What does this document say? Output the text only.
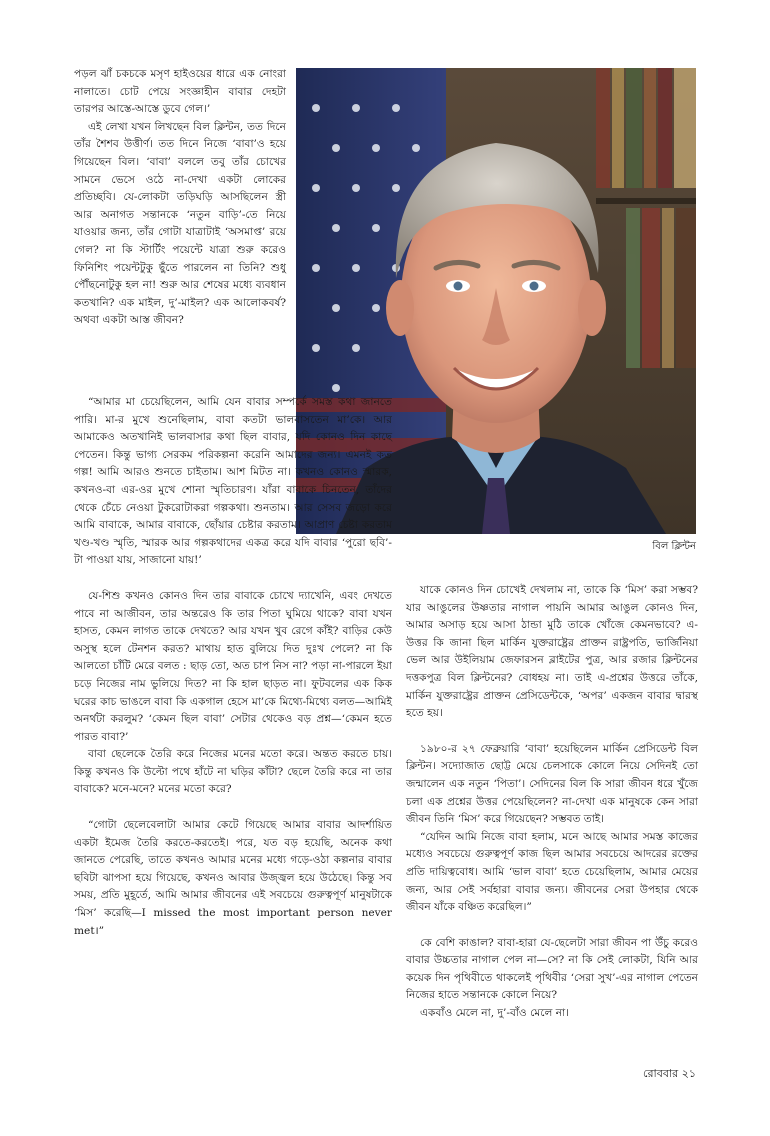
পড়ল ঝাঁ চকচকে মসৃণ হাইওয়ের ধারে এক নোংরা নালাতে। চোট পেয়ে সংজ্ঞাহীন বাবার দেহটা তারপর আস্তে-আস্তে ডুবে গেল।’

এই লেখা যখন লিখছেন বিল ক্লিন্টন, তত দিনে তাঁর শৈশব উত্তীর্ণ। তত দিনে নিজে ‘বাবা’ও হয়ে গিয়েছেন বিল। ‘বাবা’ বললে তবু তাঁর চোখের সামনে ভেসে ওঠে না-দেখা একটা লোকের প্রতিচ্ছবি। যে-লোকটা তড়িঘড়ি আসছিলেন স্ত্রী আর অনাগত সন্তানকে ‘নতুন বাড়ি’-তে নিয়ে যাওয়ার জন্য, তাঁর গোটা যাত্রাটাই ‘অসমাপ্ত’ রয়ে গেল? না কি স্টার্টিং পয়েন্টে যাত্রা শুরু করেও ফিনিশিং পয়েন্টটুকু ছুঁতে পারলেন না তিনি? শুধু পৌঁছনোটুকু হল না! শুরু আর শেষের মধ্যে ব্যবধান কতখানি? এক মাইল, দু’-মাইল? এক আলোকবর্ষ? অথবা একটা আস্ত জীবন?

বিল ক্লিন্টন

“আমার মা চেয়েছিলেন, আমি যেন বাবার সম্পর্কে সমস্ত কথা জানতে পারি। মা-র মুখে শুনেছিলাম, বাবা কতটা ভালবাসতেন মা’কে। আর আমাকেও অতখানিই ভালবাসার কথা ছিল বাবার, যদি কোনও দিন কাছে পেতেন। কিন্তু ভাগ্য সেরকম পরিকল্পনা করেনি আমাদের জন্য। এমনই কত গল্প! আমি আরও শুনতে চাইতাম। আশ মিটত না। কখনও কোনও স্মারক, কখনও-বা এর-ওর মুখে শোনা স্মৃতিচারণ। যাঁরা বাবাকে চিনতেন, তাঁদের থেকে চেঁচে নেওয়া টুকরোটাকরা গল্পকথা। শুনতাম। আর সেসব জড়ো করে আমি বাবাকে, আমার বাবাকে, ছোঁয়ার চেষ্টার করতাম। আপ্রাণ চেষ্টা করতাম খণ্ড-খণ্ড স্মৃতি, স্মারক আর গল্পকথাদের একত্র করে যদি বাবার ‘পুরো ছবি’-টা পাওয়া যায়, সাজানো যায়!’

যে-শিশু কখনও কোনও দিন তার বাবাকে চোখে দ্যাখেনি, এবং দেখতে পাবে না আজীবন, তার অন্তরেও কি তার পিতা ঘুমিয়ে থাকে? বাবা যখন হাসত, কেমন লাগত তাকে দেখতে? আর যখন খুব রেগে কাঁই? বাড়ির কেউ অসুস্থ হলে টেনশন করত? মাথায় হাত বুলিয়ে দিত দুঃখ পেলে? না কি আলতো চাঁটি মেরে বলত : ছাড় তো, অত চাপ নিস না? পড়া না-পারলে ইয়া চড়ে নিজের নাম ভুলিয়ে দিত? না কি হাল ছাড়ত না। ফুটবলের এক কিক ঘরের কাচ ভাঙলে বাবা কি একগাল হেসে মা’কে মিথ্যে-মিথ্যে বলত—আমিই অনর্থটা করলুম? ‘কেমন ছিল বাবা’ সেটার থেকেও বড় প্রশ্ন—‘কেমন হতে পারত বাবা?’

বাবা ছেলেকে তৈরি করে নিজের মনের মতো করে। অন্তত করতে চায়। কিন্তু কখনও কি উল্টো পথে হাঁটে না ঘড়ির কাঁটা? ছেলে তৈরি করে না তার বাবাকে? মনে-মনে? মনের মতো করে?

“গোটা ছেলেবেলাটা আমার কেটে গিয়েছে আমার বাবার আদর্শায়িত একটা ইমেজ তৈরি করতে-করতেই। পরে, যত বড় হয়েছি, অনেক কথা জানতে পেরেছি, তাতে কখনও আমার মনের মধ্যে গড়ে-ওঠা কল্পনার বাবার ছবিটা ঝাপসা হয়ে গিয়েছে, কখনও আবার উজ্জ্বল হয়ে উঠেছে। কিন্তু সব সময়, প্রতি মুহূর্তে, আমি আমার জীবনের এই সবচেয়ে গুরুত্বপূর্ণ মানুষটাকে ‘মিস’ করেছি—I missed the most important person never met।”

যাকে কোনও দিন চোখেই দেখলাম না, তাকে কি ‘মিস’ করা সম্ভব? যার আঙুলের উষ্ণতার নাগাল পায়নি আমার আঙুল কোনও দিন, আমার অসাড় হয়ে আসা ঠান্ডা মুঠি তাকে খোঁজে কেমনভাবে? এ-উত্তর কি জানা ছিল মার্কিন যুক্তরাষ্ট্রের প্রাক্তন রাষ্ট্রপতি, ভার্জিনিয়া ভেল আর উইলিয়াম জেফারসন ব্লাইটের পুত্র, আর রজার ক্লিন্টনের দত্তকপুত্র বিল ক্লিন্টনের? বোধহয় না। তাই এ-প্রশ্নের উত্তরে তাঁকে, মার্কিন যুক্তরাষ্ট্রের প্রাক্তন প্রেসিডেন্টকে, ‘অপর’ একজন বাবার দ্বারস্থ হতে হয়।

১৯৮০-র ২৭ ফেব্রুয়ারি ‘বাবা’ হয়েছিলেন মার্কিন প্রেসিডেন্ট বিল ক্লিন্টন। সদ্যোজাত ছোট্ট মেয়ে চেলসাকে কোলে নিয়ে সেদিনই তো জন্মালেন এক নতুন ‘পিতা’। সেদিনের বিল কি সারা জীবন ধরে খুঁজে চলা এক প্রশ্নের উত্তর পেয়েছিলেন? না-দেখা এক মানুষকে কেন সারা জীবন তিনি ‘মিস’ করে গিয়েছেন? সম্ভবত তাই।

“যেদিন আমি নিজে বাবা হলাম, মনে আছে আমার সমস্ত কাজের মধ্যেও সবচেয়ে গুরুত্বপূর্ণ কাজ ছিল আমার সবচেয়ে আদরের রক্তের প্রতি দায়িত্ববোধ। আমি ‘ভাল বাবা’ হতে চেয়েছিলাম, আমার মেয়ের জন্য, আর সেই সর্বহারা বাবার জন্য। জীবনের সেরা উপহার থেকে জীবন যাঁকে বঞ্চিত করেছিল।”

কে বেশি কাঙাল? বাবা-হারা যে-ছেলেটা সারা জীবন পা উঁচু করেও বাবার উচ্চতার নাগাল পেল না—সে? না কি সেই লোকটা, যিনি আর কয়েক দিন পৃথিবীতে থাকলেই পৃথিবীর ‘সেরা সুখ’-এর নাগাল পেতেন নিজের হাতে সন্তানকে কোলে নিয়ে?

একবাঁও মেলে না, দু’-বাঁও মেলে না।

রোববার ২১
